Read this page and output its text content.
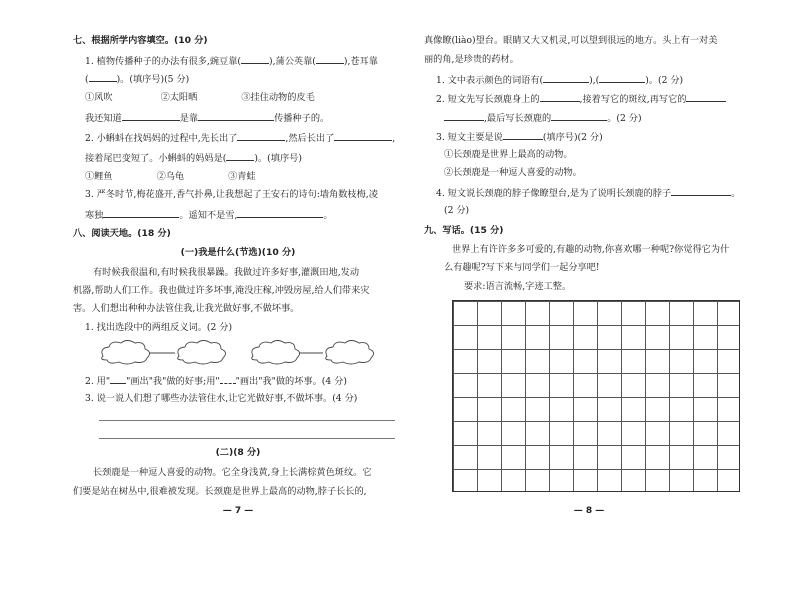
七、根据所学内容填空。(10 分)
1. 植物传播种子的办法有很多,豌豆靠(	),蒲公英靠(	),苍耳靠
(	)。(填序号)(5 分)
①风吹	②太阳晒	③挂住动物的皮毛
我还知道	是靠	传播种子的。
2. 小蝌蚪在找妈妈的过程中,先长出了	,然后长出了	,
接着尾巴变短了。小蝌蚪的妈妈是(	)。(填序号)
①鲤鱼	②乌龟	③青蛙
3. 严冬时节,梅花盛开,香气扑鼻,让我想起了王安石的诗句:墙角数枝梅,凌
寒独	。遥知不是雪,	。
八、阅读天地。(18 分)
(一)我是什么(节选)(10 分)
有时候我很温和,有时候我很暴躁。我做过许多好事,灌溉田地,发动
机器,帮助人们工作。我也做过许多坏事,淹没庄稼,冲毁房屋,给人们带来灾
害。人们想出种种办法管住我,让我光做好事,不做坏事。
1. 找出选段中的两组反义词。(2 分)
2. 用" "画出"我"做的好事;用" "画出"我"做的坏事。(4 分)
3. 说一说人们想了哪些办法管住水,让它光做好事,不做坏事。(4 分)
(二)(8 分)
长颈鹿是一种逗人喜爱的动物。它全身浅黄,身上长满棕黄色斑纹。它
们要是站在树丛中,很难被发现。长颈鹿是世界上最高的动物,脖子长长的,
— 7 —
真像瞭(liào)望台。眼睛又大又机灵,可以望到很远的地方。头上有一对美
丽的角,是珍贵的药材。
1. 文中表示颜色的词语有(	),(	)。(2 分)
2. 短文先写长颈鹿身上的	,接着写它的斑纹,再写它的
,最后写长颈鹿的	。(2 分)
3. 短文主要是说	(填序号)(2 分)
①长颈鹿是世界上最高的动物。
②长颈鹿是一种逗人喜爱的动物。
4. 短文说长颈鹿的脖子像瞭望台,是为了说明长颈鹿的脖子	。
(2 分)
九、写话。(15 分)
世界上有许许多多可爱的,有趣的动物,你喜欢哪一种呢?你觉得它为什
么有趣呢?写下来与同学们一起分享吧!
要求:语言流畅,字迹工整。
— 8 —
